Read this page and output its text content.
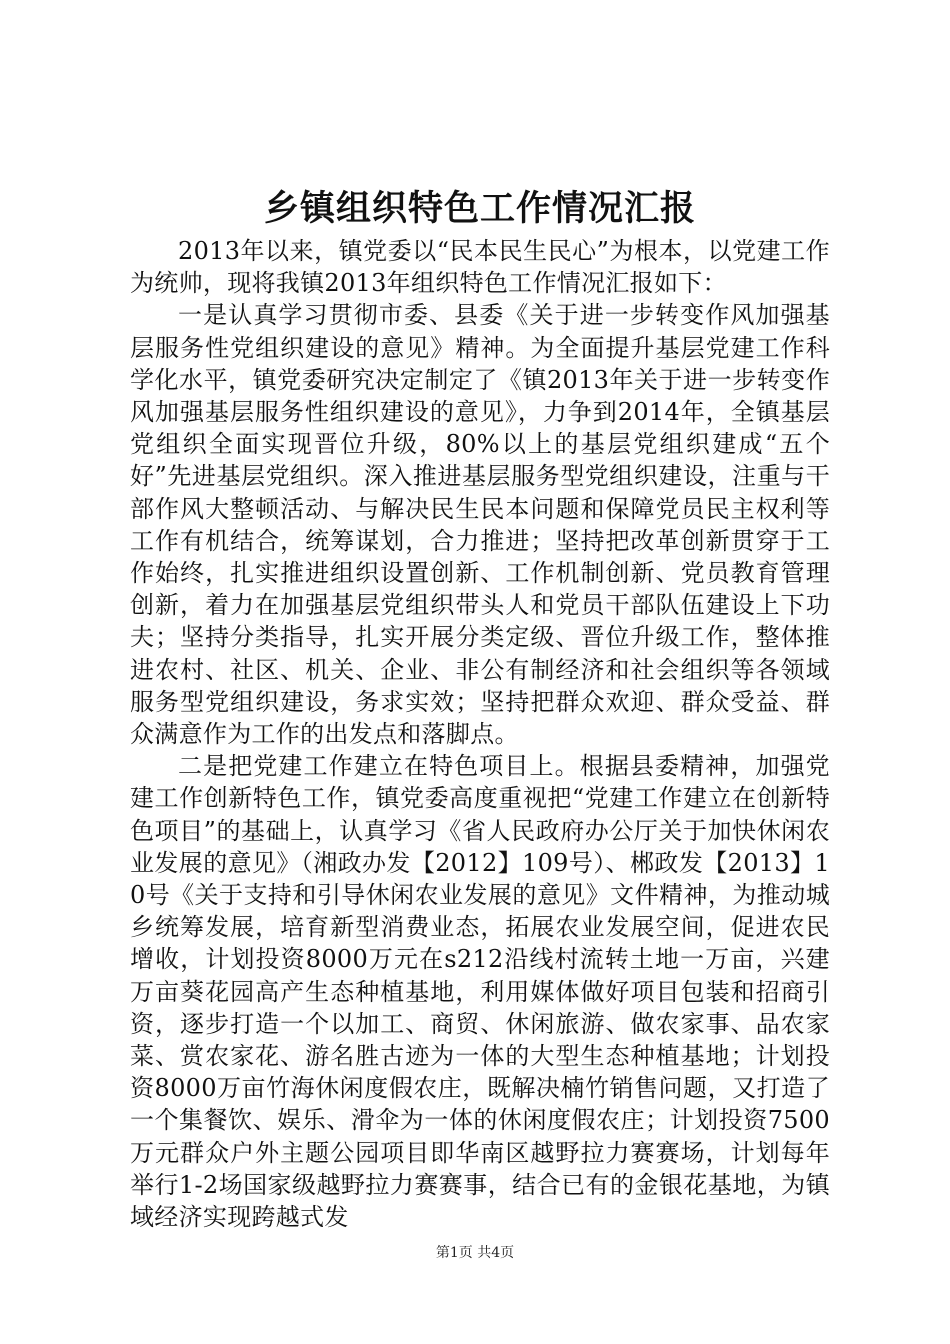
乡镇组织特色工作情况汇报

2013年以来，镇党委以“民本民生民心”为根本，以党建工作为统帅，现将我镇2013年组织特色工作情况汇报如下：

一是认真学习贯彻市委、县委《关于进一步转变作风加强基层服务性党组织建设的意见》精神。为全面提升基层党建工作科学化水平，镇党委研究决定制定了《镇2013年关于进一步转变作风加强基层服务性组织建设的意见》，力争到2014年，全镇基层党组织全面实现晋位升级，80%以上的基层党组织建成“五个好”先进基层党组织。深入推进基层服务型党组织建设，注重与干部作风大整顿活动、与解决民生民本问题和保障党员民主权利等工作有机结合，统筹谋划，合力推进；坚持把改革创新贯穿于工作始终，扎实推进组织设置创新、工作机制创新、党员教育管理创新，着力在加强基层党组织带头人和党员干部队伍建设上下功夫；坚持分类指导，扎实开展分类定级、晋位升级工作，整体推进农村、社区、机关、企业、非公有制经济和社会组织等各领域服务型党组织建设，务求实效；坚持把群众欢迎、群众受益、群众满意作为工作的出发点和落脚点。

二是把党建工作建立在特色项目上。根据县委精神，加强党建工作创新特色工作，镇党委高度重视把“党建工作建立在创新特色项目”的基础上，认真学习《省人民政府办公厅关于加快休闲农业发展的意见》（湘政办发【2012】109号）、郴政发【2013】10号《关于支持和引导休闲农业发展的意见》文件精神，为推动城乡统筹发展，培育新型消费业态，拓展农业发展空间，促进农民增收，计划投资8000万元在s212沿线村流转土地一万亩，兴建万亩葵花园高产生态种植基地，利用媒体做好项目包装和招商引资，逐步打造一个以加工、商贸、休闲旅游、做农家事、品农家菜、赏农家花、游名胜古迹为一体的大型生态种植基地；计划投资8000万亩竹海休闲度假农庄，既解决楠竹销售问题，又打造了一个集餐饮、娱乐、滑伞为一体的休闲度假农庄；计划投资7500万元群众户外主题公园项目即华南区越野拉力赛赛场，计划每年举行1-2场国家级越野拉力赛赛事，结合已有的金银花基地，为镇域经济实现跨越式发

第1页 共4页
